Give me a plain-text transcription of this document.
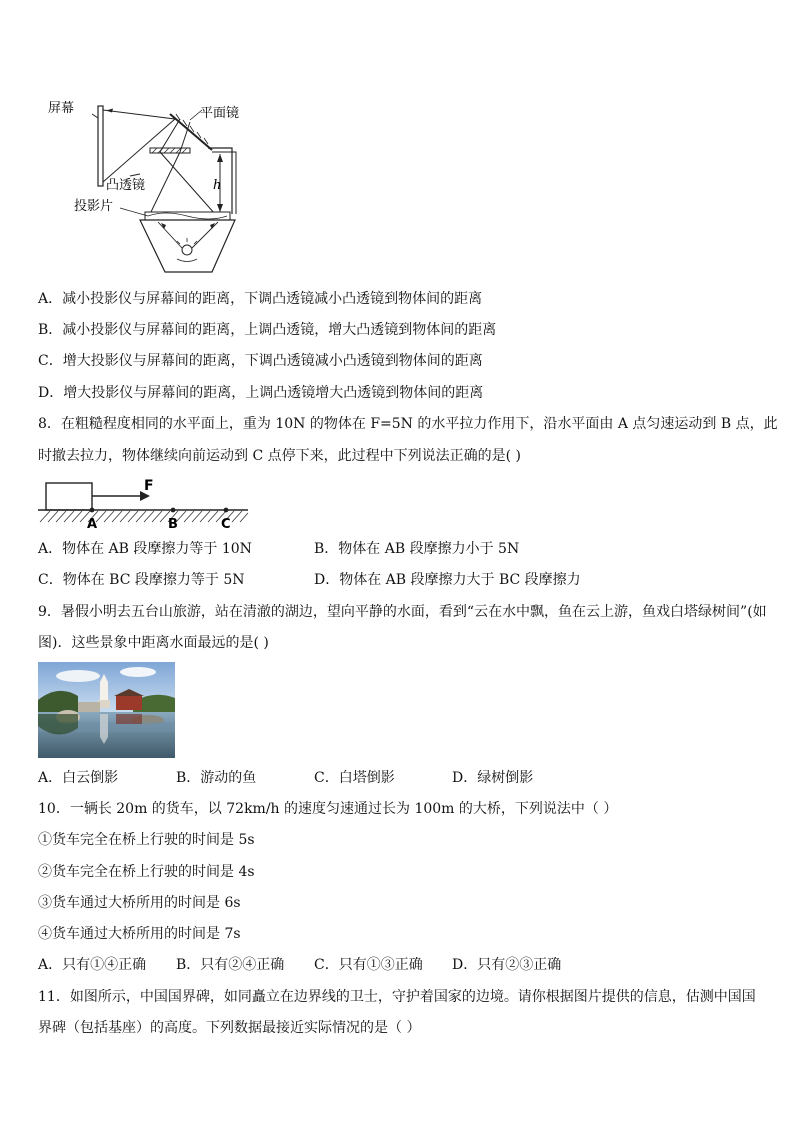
屏幕	平面镜
凸透镜	h
投影片
A．减小投影仪与屏幕间的距离，下调凸透镜减小凸透镜到物体间的距离
B．减小投影仪与屏幕间的距离，上调凸透镜，增大凸透镜到物体间的距离
C．增大投影仪与屏幕间的距离，下调凸透镜减小凸透镜到物体间的距离
D．增大投影仪与屏幕间的距离，上调凸透镜增大凸透镜到物体间的距离
8．在粗糙程度相同的水平面上，重为 10N 的物体在 F=5N 的水平拉力作用下，沿水平面由 A 点匀速运动到 B 点，此
时撤去拉力，物体继续向前运动到 C 点停下来，此过程中下列说法正确的是( )
F
A	B	C
A．物体在 AB 段摩擦力等于 10N	B．物体在 AB 段摩擦力小于 5N
C．物体在 BC 段摩擦力等于 5N	D．物体在 AB 段摩擦力大于 BC 段摩擦力
9．暑假小明去五台山旅游，站在清澈的湖边，望向平静的水面，看到“云在水中飘，鱼在云上游，鱼戏白塔绿树间”(如
图)．这些景象中距离水面最远的是( )
A．白云倒影	B．游动的鱼	C．白塔倒影	D．绿树倒影
10．一辆长 20m 的货车，以 72km/h 的速度匀速通过长为 100m 的大桥，下列说法中（ ）
①货车完全在桥上行驶的时间是 5s
②货车完全在桥上行驶的时间是 4s
③货车通过大桥所用的时间是 6s
④货车通过大桥所用的时间是 7s
A．只有①④正确 B．只有②④正确 C．只有①③正确 D．只有②③正确
11．如图所示，中国国界碑，如同矗立在边界线的卫士，守护着国家的边境。请你根据图片提供的信息，估测中国国
界碑（包括基座）的高度。下列数据最接近实际情况的是（ ）
